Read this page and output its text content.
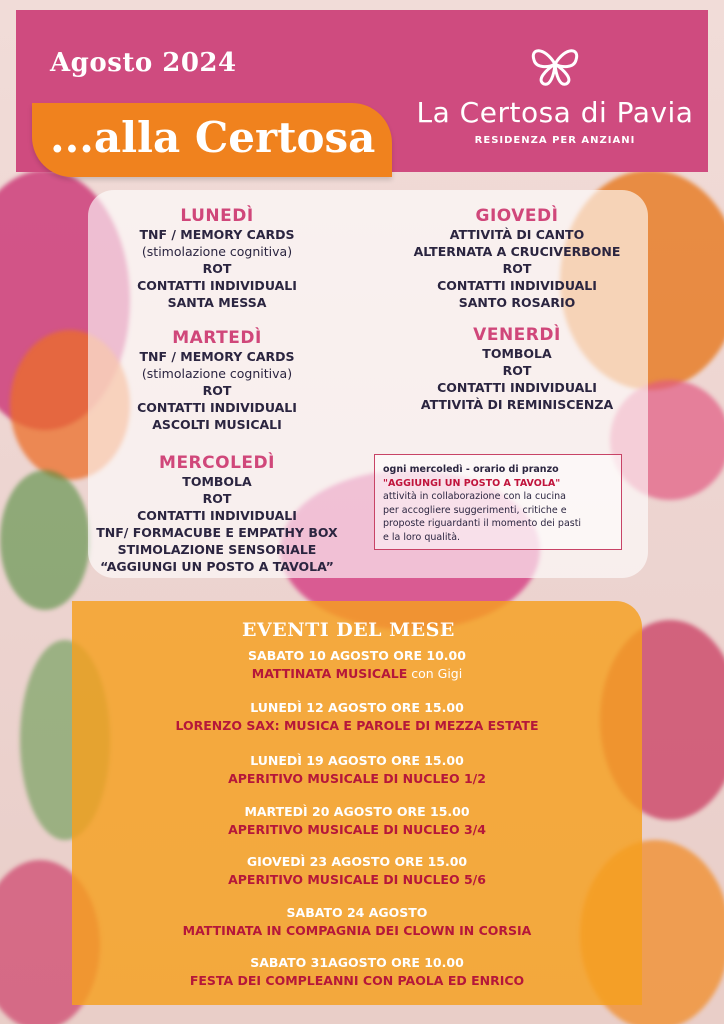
Agosto 2024
...alla Certosa
La Certosa di Pavia
RESIDENZA PER ANZIANI
LUNEDÌ
TNF / MEMORY CARDS
(stimolazione cognitiva)
ROT
CONTATTI INDIVIDUALI
SANTA MESSA
MARTEDÌ
TNF / MEMORY CARDS
(stimolazione cognitiva)
ROT
CONTATTI INDIVIDUALI
ASCOLTI MUSICALI
MERCOLEDÌ
TOMBOLA
ROT
CONTATTI INDIVIDUALI
TNF/ FORMACUBE E EMPATHY BOX
STIMOLAZIONE SENSORIALE
“AGGIUNGI UN POSTO A TAVOLA”
GIOVEDÌ
ATTIVITÀ DI CANTO
ALTERNATA A CRUCIVERBONE
ROT
CONTATTI INDIVIDUALI
SANTO ROSARIO
VENERDÌ
TOMBOLA
ROT
CONTATTI INDIVIDUALI
ATTIVITÀ DI REMINISCENZA
ogni mercoledì - orario di pranzo
"AGGIUNGI UN POSTO A TAVOLA"
attività in collaborazione con la cucina
per accogliere suggerimenti, critiche e
proposte riguardanti il momento dei pasti
e la loro qualità.
EVENTI DEL MESE
SABATO 10 AGOSTO ORE 10.00
MATTINATA MUSICALE con Gigi
LUNEDÌ 12 AGOSTO ORE 15.00
LORENZO SAX: MUSICA E PAROLE DI MEZZA ESTATE
LUNEDÌ 19 AGOSTO ORE 15.00
APERITIVO MUSICALE DI NUCLEO 1/2
MARTEDÌ 20 AGOSTO ORE 15.00
APERITIVO MUSICALE DI NUCLEO 3/4
GIOVEDÌ 23 AGOSTO ORE 15.00
APERITIVO MUSICALE DI NUCLEO 5/6
SABATO 24 AGOSTO
MATTINATA IN COMPAGNIA DEI CLOWN IN CORSIA
SABATO 31AGOSTO ORE 10.00
FESTA DEI COMPLEANNI CON PAOLA ED ENRICO
